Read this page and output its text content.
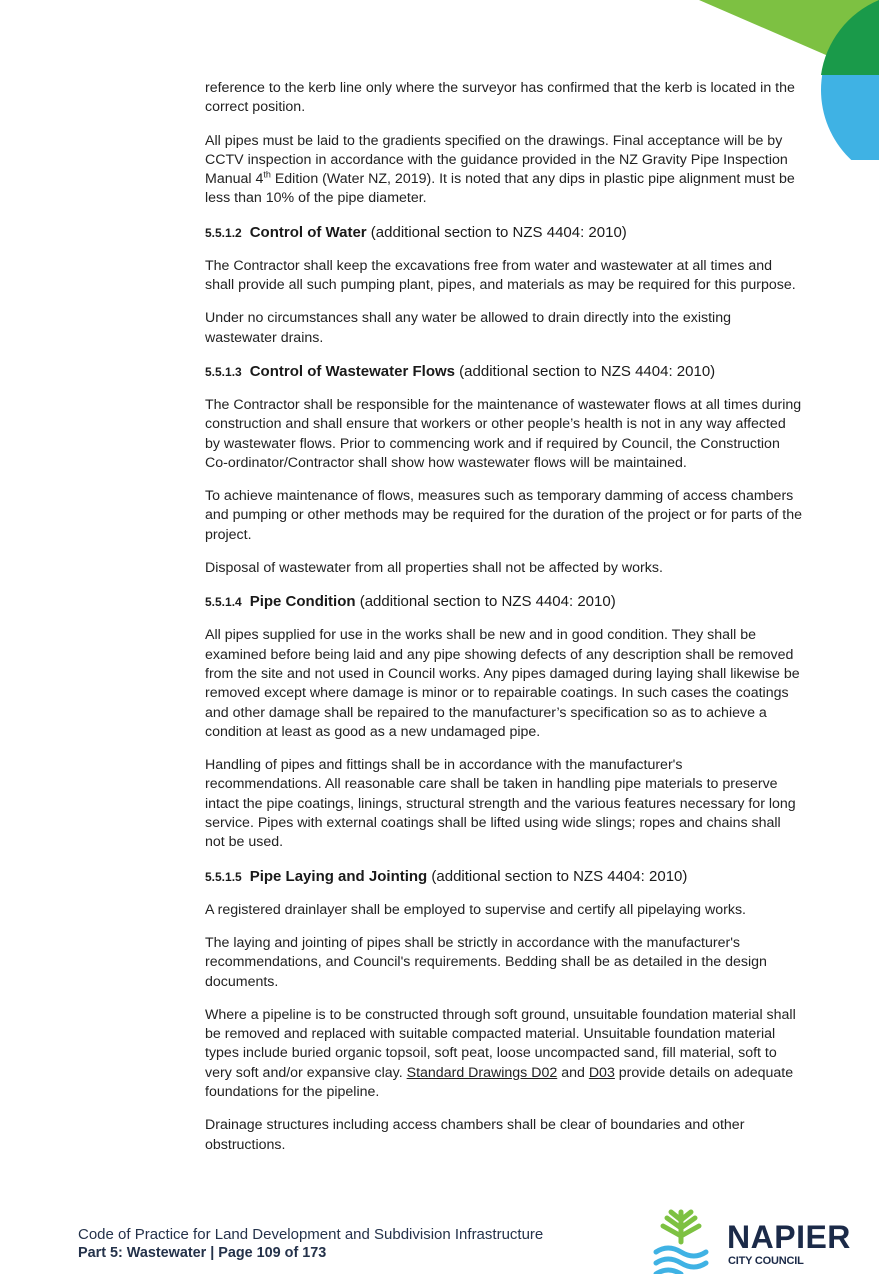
reference to the kerb line only where the surveyor has confirmed that the kerb is located in the correct position.

All pipes must be laid to the gradients specified on the drawings. Final acceptance will be by CCTV inspection in accordance with the guidance provided in the NZ Gravity Pipe Inspection Manual 4th Edition (Water NZ, 2019). It is noted that any dips in plastic pipe alignment must be less than 10% of the pipe diameter.

5.5.1.2 Control of Water (additional section to NZS 4404: 2010)

The Contractor shall keep the excavations free from water and wastewater at all times and shall provide all such pumping plant, pipes, and materials as may be required for this purpose.

Under no circumstances shall any water be allowed to drain directly into the existing wastewater drains.

5.5.1.3 Control of Wastewater Flows (additional section to NZS 4404: 2010)

The Contractor shall be responsible for the maintenance of wastewater flows at all times during construction and shall ensure that workers or other people’s health is not in any way affected by wastewater flows. Prior to commencing work and if required by Council, the Construction Co-ordinator/Contractor shall show how wastewater flows will be maintained.

To achieve maintenance of flows, measures such as temporary damming of access chambers and pumping or other methods may be required for the duration of the project or for parts of the project.

Disposal of wastewater from all properties shall not be affected by works.

5.5.1.4 Pipe Condition (additional section to NZS 4404: 2010)

All pipes supplied for use in the works shall be new and in good condition. They shall be examined before being laid and any pipe showing defects of any description shall be removed from the site and not used in Council works. Any pipes damaged during laying shall likewise be removed except where damage is minor or to repairable coatings. In such cases the coatings and other damage shall be repaired to the manufacturer’s specification so as to achieve a condition at least as good as a new undamaged pipe.

Handling of pipes and fittings shall be in accordance with the manufacturer's recommendations. All reasonable care shall be taken in handling pipe materials to preserve intact the pipe coatings, linings, structural strength and the various features necessary for long service. Pipes with external coatings shall be lifted using wide slings; ropes and chains shall not be used.

5.5.1.5 Pipe Laying and Jointing (additional section to NZS 4404: 2010)

A registered drainlayer shall be employed to supervise and certify all pipelaying works.

The laying and jointing of pipes shall be strictly in accordance with the manufacturer's recommendations, and Council's requirements. Bedding shall be as detailed in the design documents.

Where a pipeline is to be constructed through soft ground, unsuitable foundation material shall be removed and replaced with suitable compacted material. Unsuitable foundation material types include buried organic topsoil, soft peat, loose uncompacted sand, fill material, soft to very soft and/or expansive clay. Standard Drawings D02 and D03 provide details on adequate foundations for the pipeline.

Drainage structures including access chambers shall be clear of boundaries and other obstructions.

Code of Practice for Land Development and Subdivision Infrastructure
Part 5: Wastewater | Page 109 of 173	NAPIER
CITY COUNCIL
